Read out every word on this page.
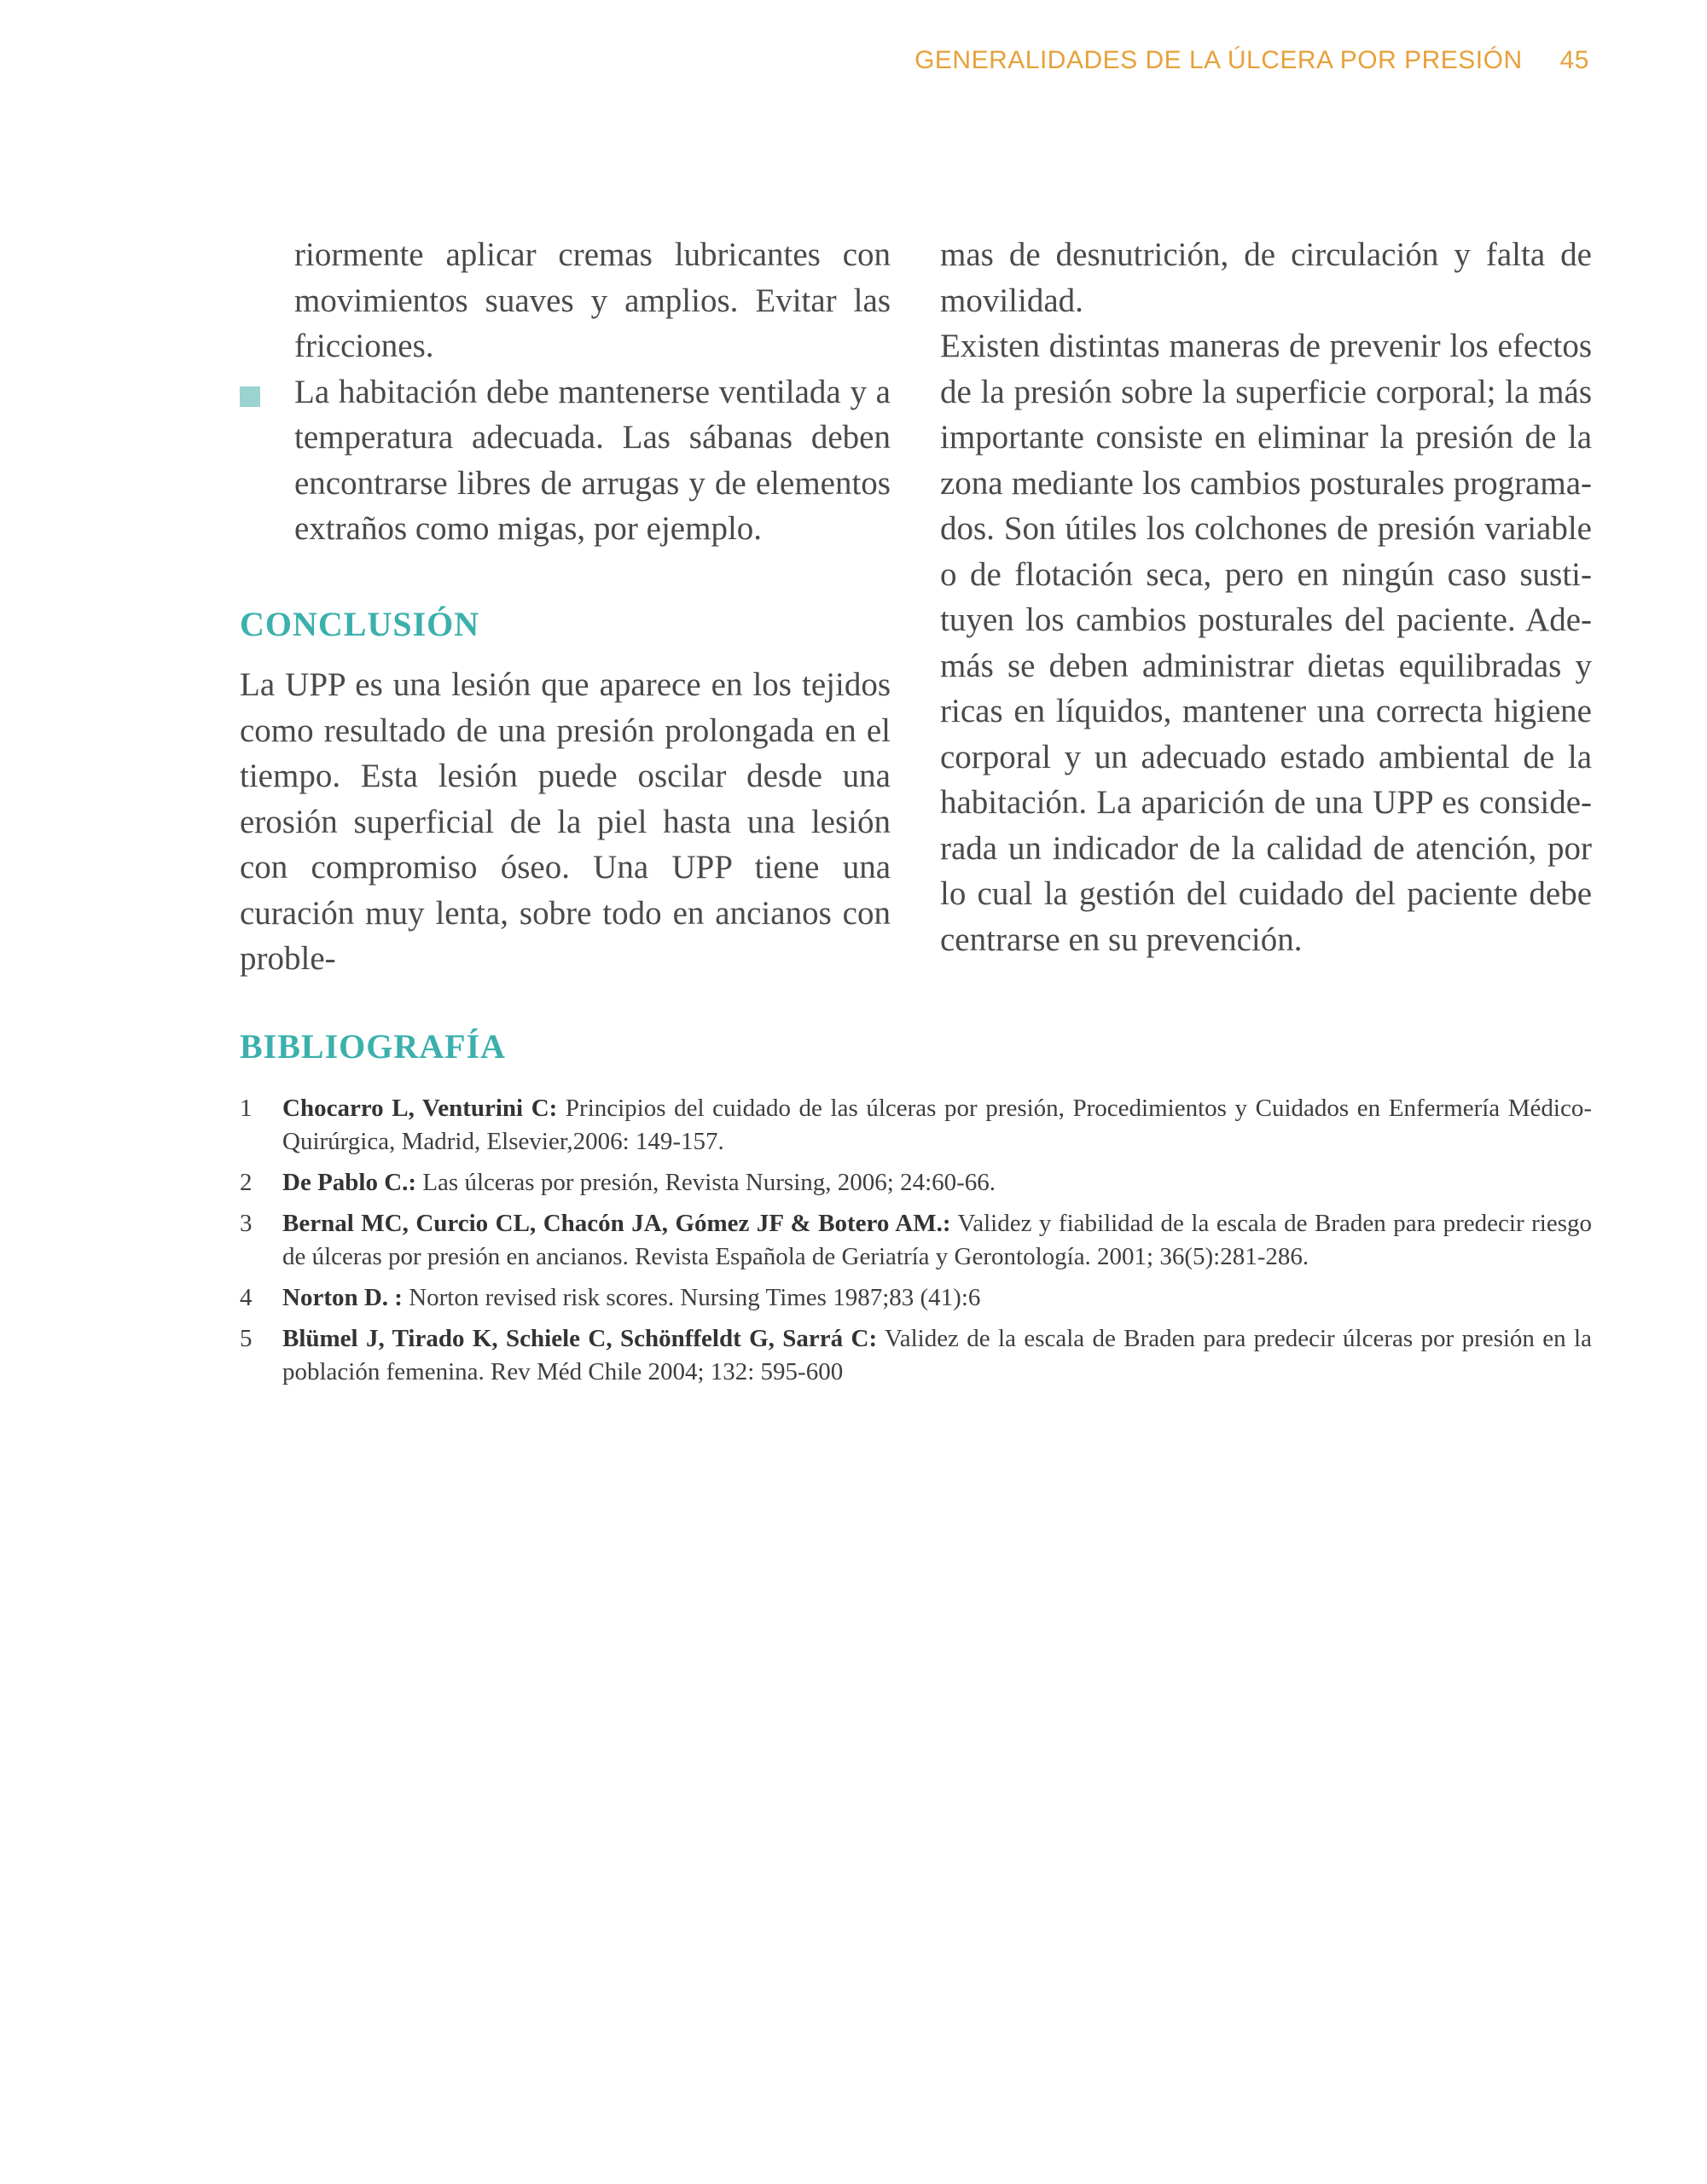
GENERALIDADES DE LA ÚLCERA POR PRESIÓN 45

riormente aplicar cremas lubricantes con movimientos suaves y amplios. Evitar las fricciones.

La habitación debe mantenerse ventilada y a temperatura adecuada. Las sábanas deben encontrarse libres de arrugas y de elementos extraños como migas, por ejemplo.
CONCLUSIÓN

La UPP es una lesión que aparece en los tejidos como resultado de una presión prolongada en el tiempo. Esta lesión puede oscilar desde una erosión superficial de la piel hasta una lesión con compromiso óseo. Una UPP tiene una curación muy lenta, sobre todo en ancianos con proble-

mas de desnutrición, de circulación y falta de movilidad.

Existen distintas maneras de prevenir los efectos de la presión sobre la superficie corporal; la más importante consiste en eliminar la presión de la zona mediante los cambios posturales programa-dos. Son útiles los colchones de presión variable o de flotación seca, pero en ningún caso susti-tuyen los cambios posturales del paciente. Ade-más se deben administrar dietas equilibradas y ricas en líquidos, mantener una correcta higiene corporal y un adecuado estado ambiental de la habitación. La aparición de una UPP es conside-rada un indicador de la calidad de atención, por lo cual la gestión del cuidado del paciente debe centrarse en su prevención.

BIBLIOGRAFÍA
1 Chocarro L, Venturini C: Principios del cuidado de las úlceras por presión, Procedimientos y Cuidados en Enfermería Médico- Quirúrgica, Madrid, Elsevier,2006: 149-157.
2 De Pablo C.: Las úlceras por presión, Revista Nursing, 2006; 24:60-66.
3 Bernal MC, Curcio CL, Chacón JA, Gómez JF & Botero AM.: Validez y fiabilidad de la escala de Braden para predecir riesgo de úlceras por presión en ancianos. Revista Española de Geriatría y Gerontología. 2001; 36(5):281-286.
4 Norton D. : Norton revised risk scores. Nursing Times 1987;83 (41):6
5 Blümel J, Tirado K, Schiele C, Schönffeldt G, Sarrá C: Validez de la escala de Braden para predecir úlceras por presión en la población femenina. Rev Méd Chile 2004; 132: 595-600
